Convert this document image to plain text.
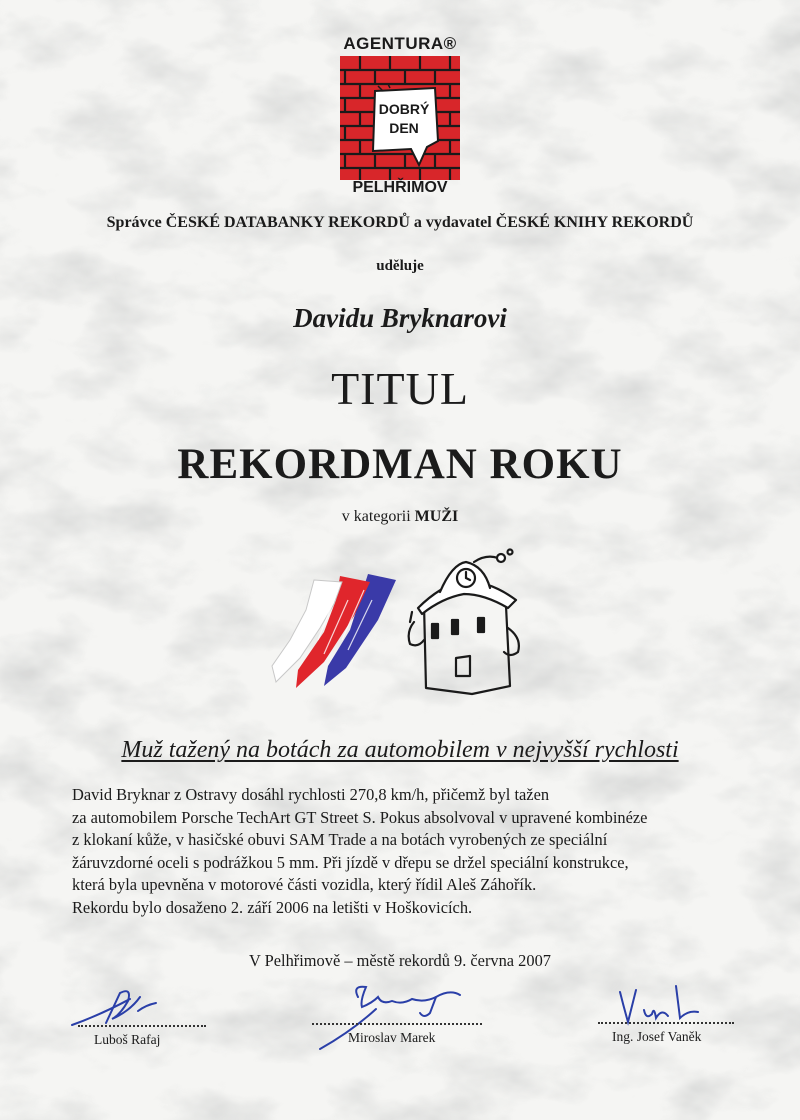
AGENTURA®
DOBRÝ
DEN
PELHŘIMOV
Správce ČESKÉ DATABANKY REKORDŮ a vydavatel ČESKÉ KNIHY REKORDŮ
uděluje
Davidu Bryknarovi
TITUL
REKORDMAN ROKU
v kategorii MUŽI
Muž tažený na botách za automobilem v nejvyšší rychlosti
David Bryknar z Ostravy dosáhl rychlosti 270,8 km/h, přičemž byl tažen
za automobilem Porsche TechArt GT Street S. Pokus absolvoval v upravené kombinéze
z klokaní kůže, v hasičské obuvi SAM Trade a na botách vyrobených ze speciální
žáruvzdorné oceli s podrážkou 5 mm. Při jízdě v dřepu se držel speciální konstrukce,
která byla upevněna v motorové části vozidla, který řídil Aleš Záhořík.
Rekordu bylo dosaženo 2. září 2006 na letišti v Hoškovicích.
V Pelhřimově – městě rekordů 9. června 2007
Luboš Rafaj	Miroslav Marek	Ing. Josef Vaněk
